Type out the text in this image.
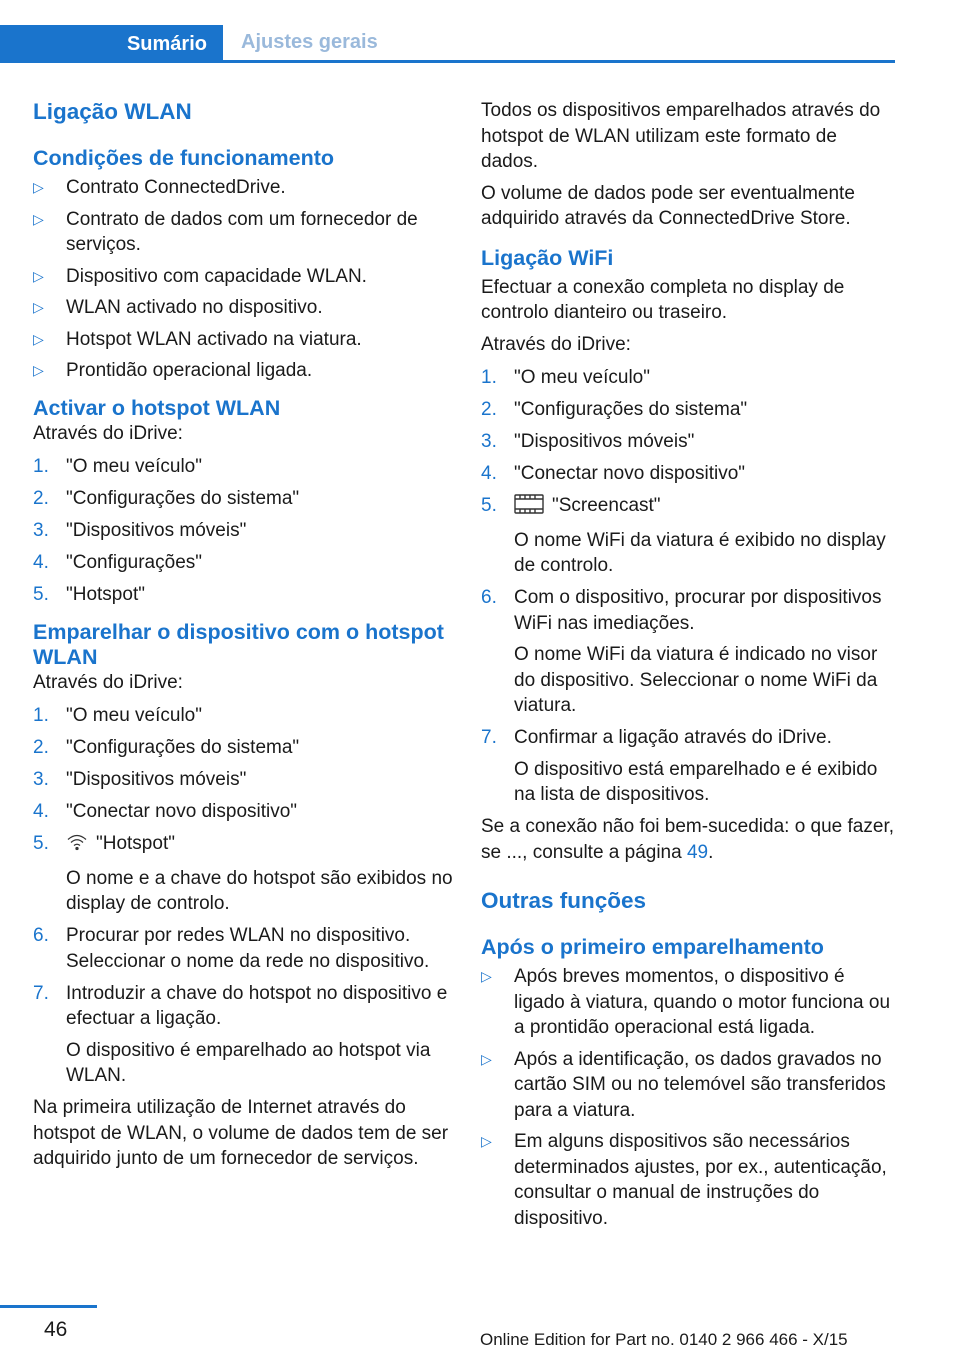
Sumário	Ajustes gerais
Ligação WLAN
Condições de funcionamento
▷ Contrato ConnectedDrive.
▷ Contrato de dados com um fornecedor de serviços.
▷ Dispositivo com capacidade WLAN.
▷ WLAN activado no dispositivo.
▷ Hotspot WLAN activado na viatura.
▷ Prontidão operacional ligada.
Activar o hotspot WLAN
Através do iDrive:
1. "O meu veículo"
2. "Configurações do sistema"
3. "Dispositivos móveis"
4. "Configurações"
5. "Hotspot"
Emparelhar o dispositivo com o hotspot WLAN
Através do iDrive:
1. "O meu veículo"
2. "Configurações do sistema"
3. "Dispositivos móveis"
4. "Conectar novo dispositivo"
5. "Hotspot"
O nome e a chave do hotspot são exibidos no display de controlo.
6. Procurar por redes WLAN no dispositivo. Seleccionar o nome da rede no dispositivo.
7. Introduzir a chave do hotspot no dispositivo e efectuar a ligação.
O dispositivo é emparelhado ao hotspot via WLAN.
Na primeira utilização de Internet através do hotspot de WLAN, o volume de dados tem de ser adquirido junto de um fornecedor de serviços.
Todos os dispositivos emparelhados através do hotspot de WLAN utilizam este formato de dados.
O volume de dados pode ser eventualmente adquirido através da ConnectedDrive Store.
Ligação WiFi
Efectuar a conexão completa no display de controlo dianteiro ou traseiro.
Através do iDrive:
1. "O meu veículo"
2. "Configurações do sistema"
3. "Dispositivos móveis"
4. "Conectar novo dispositivo"
5.	"Screencast"
O nome WiFi da viatura é exibido no display de controlo.
6. Com o dispositivo, procurar por dispositivos WiFi nas imediações.
O nome WiFi da viatura é indicado no visor do dispositivo. Seleccionar o nome WiFi da viatura.
7. Confirmar a ligação através do iDrive.
O dispositivo está emparelhado e é exibido na lista de dispositivos.
Se a conexão não foi bem-sucedida: o que fazer, se ..., consulte a página 49.
Outras funções
Após o primeiro emparelhamento
▷ Após breves momentos, o dispositivo é ligado à viatura, quando o motor funciona ou a prontidão operacional está ligada.
▷ Após a identificação, os dados gravados no cartão SIM ou no telemóvel são transferidos para a viatura.
▷ Em alguns dispositivos são necessários determinados ajustes, por ex., autenticação, consultar o manual de instruções do dispositivo.
46	Online Edition for Part no. 0140 2 966 466 - X/15
